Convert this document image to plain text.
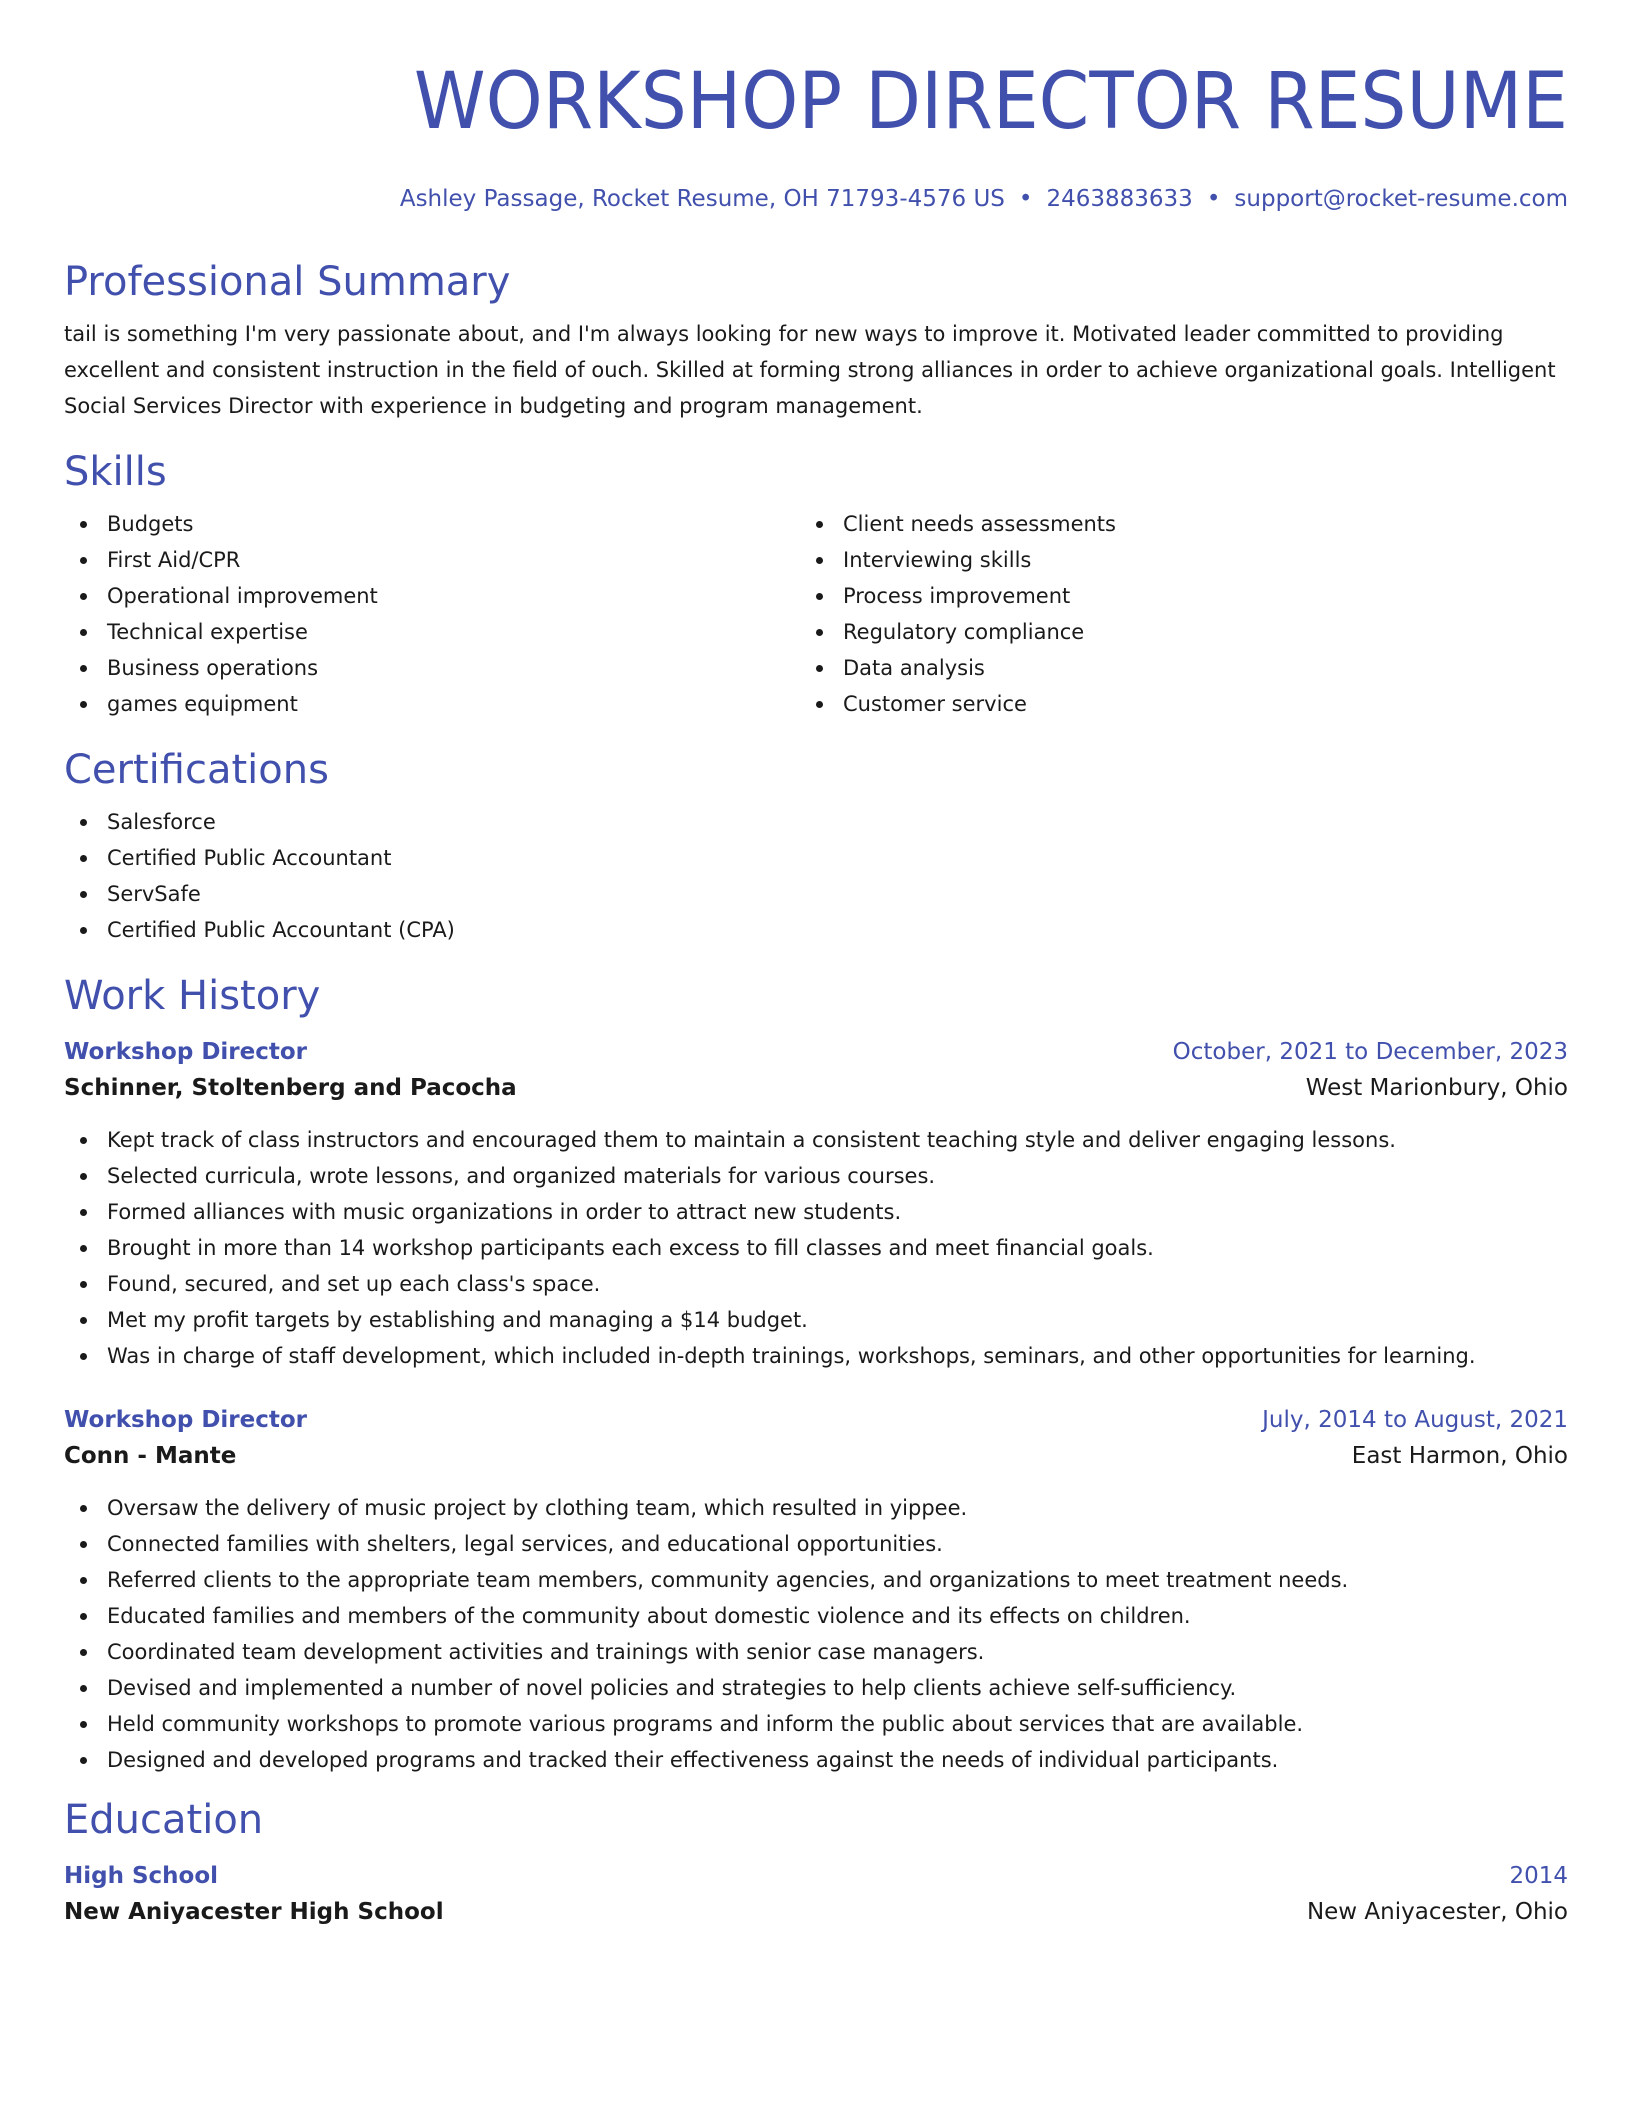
WORKSHOP DIRECTOR RESUME
Ashley Passage, Rocket Resume, OH 71793-4576 US • 2463883633 • support@rocket-resume.com
Professional Summary

tail is something I'm very passionate about, and I'm always looking for new ways to improve it. Motivated leader committed to providing excellent and consistent instruction in the field of ouch. Skilled at forming strong alliances in order to achieve organizational goals. Intelligent Social Services Director with experience in budgeting and program management.

Skills
Budgets
First Aid/CPR
Operational improvement
Technical expertise
Business operations
games equipment
Client needs assessments
Interviewing skills
Process improvement
Regulatory compliance
Data analysis
Customer service
Certifications
Salesforce
Certified Public Accountant
ServSafe
Certified Public Accountant (CPA)
Work History
Workshop Director	October, 2021 to December, 2023
Schinner, Stoltenberg and Pacocha	West Marionbury, Ohio
Kept track of class instructors and encouraged them to maintain a consistent teaching style and deliver engaging lessons.
Selected curricula, wrote lessons, and organized materials for various courses.
Formed alliances with music organizations in order to attract new students.
Brought in more than 14 workshop participants each excess to fill classes and meet financial goals.
Found, secured, and set up each class's space.
Met my profit targets by establishing and managing a $14 budget.
Was in charge of staff development, which included in-depth trainings, workshops, seminars, and other opportunities for learning.
Workshop Director	July, 2014 to August, 2021
Conn - Mante	East Harmon, Ohio
Oversaw the delivery of music project by clothing team, which resulted in yippee.
Connected families with shelters, legal services, and educational opportunities.
Referred clients to the appropriate team members, community agencies, and organizations to meet treatment needs.
Educated families and members of the community about domestic violence and its effects on children.
Coordinated team development activities and trainings with senior case managers.
Devised and implemented a number of novel policies and strategies to help clients achieve self-sufficiency.
Held community workshops to promote various programs and inform the public about services that are available.
Designed and developed programs and tracked their effectiveness against the needs of individual participants.
Education
High School	2014
New Aniyacester High School	New Aniyacester, Ohio
